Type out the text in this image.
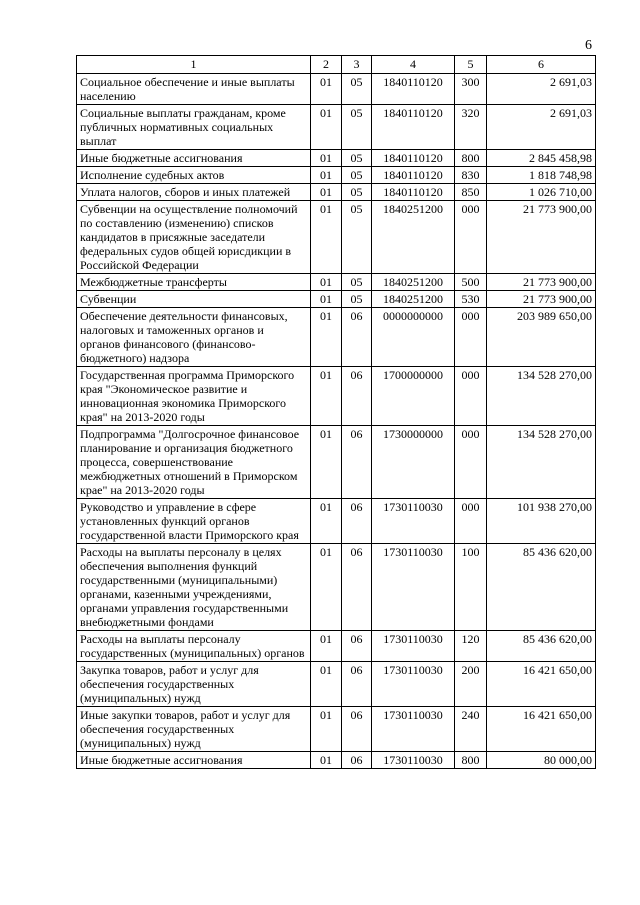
6
1	2	3	4	5	6
Социальное обеспечение и иные выплаты населению	01	05	1840110120	300	2 691,03
Социальные выплаты гражданам, кроме публичных нормативных социальных выплат	01	05	1840110120	320	2 691,03
Иные бюджетные ассигнования	01	05	1840110120	800	2 845 458,98
Исполнение судебных актов	01	05	1840110120	830	1 818 748,98
Уплата налогов, сборов и иных платежей	01	05	1840110120	850	1 026 710,00
Субвенции на осуществление полномочий по составлению (изменению) списков кандидатов в присяжные заседатели федеральных судов общей юрисдикции в Российской Федерации	01	05	1840251200	000	21 773 900,00
Межбюджетные трансферты	01	05	1840251200	500	21 773 900,00
Субвенции	01	05	1840251200	530	21 773 900,00
Обеспечение деятельности финансовых, налоговых и таможенных органов и органов финансового (финансово-бюджетного) надзора	01	06	0000000000	000	203 989 650,00
Государственная программа Приморского края "Экономическое развитие и инновационная экономика Приморского края" на 2013-2020 годы	01	06	1700000000	000	134 528 270,00
Подпрограмма "Долгосрочное финансовое планирование и организация бюджетного процесса, совершенствование межбюджетных отношений в Приморском крае" на 2013-2020 годы	01	06	1730000000	000	134 528 270,00
Руководство и управление в сфере установленных функций органов государственной власти Приморского края	01	06	1730110030	000	101 938 270,00
Расходы на выплаты персоналу в целях обеспечения выполнения функций государственными (муниципальными) органами, казенными учреждениями, органами управления государственными внебюджетными фондами	01	06	1730110030	100	85 436 620,00
Расходы на выплаты персоналу государственных (муниципальных) органов	01	06	1730110030	120	85 436 620,00
Закупка товаров, работ и услуг для обеспечения государственных (муниципальных) нужд	01	06	1730110030	200	16 421 650,00
Иные закупки товаров, работ и услуг для обеспечения государственных (муниципальных) нужд	01	06	1730110030	240	16 421 650,00
Иные бюджетные ассигнования	01	06	1730110030	800	80 000,00
